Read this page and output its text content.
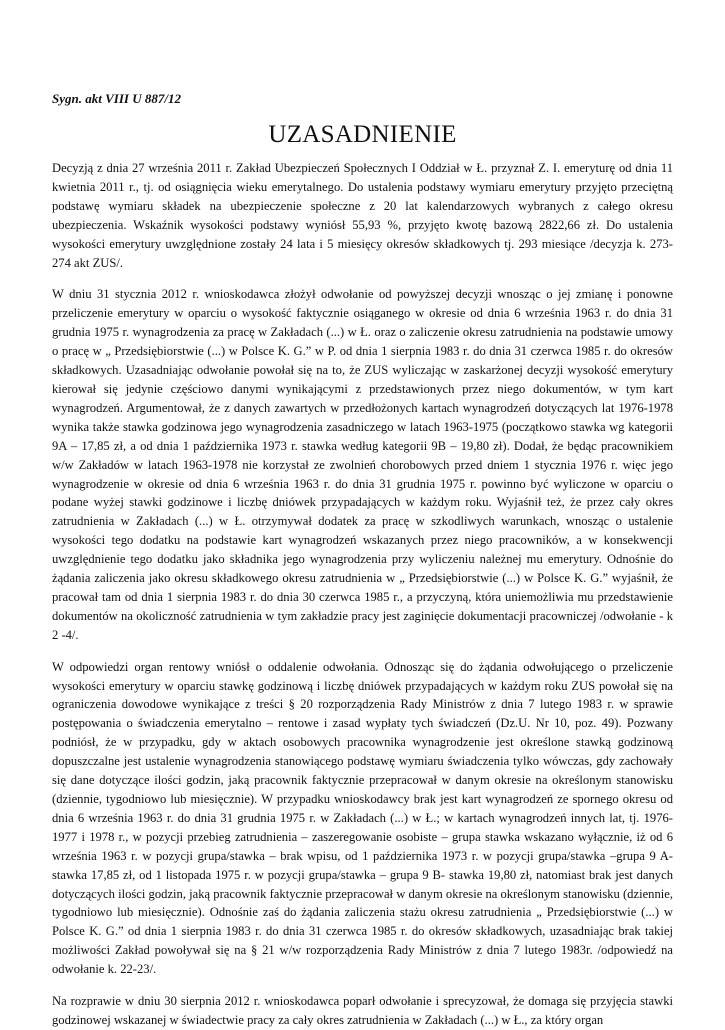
Sygn. akt VIII U 887/12

UZASADNIENIE

Decyzją z dnia 27 września 2011 r. Zakład Ubezpieczeń Społecznych I Oddział w Ł. przyznał Z. I. emeryturę od dnia 11 kwietnia 2011 r., tj. od osiągnięcia wieku emerytalnego. Do ustalenia podstawy wymiaru emerytury przyjęto przeciętną podstawę wymiaru składek na ubezpieczenie społeczne z 20 lat kalendarzowych wybranych z całego okresu ubezpieczenia. Wskaźnik wysokości podstawy wyniósł 55,93 %, przyjęto kwotę bazową 2822,66 zł. Do ustalenia wysokości emerytury uwzględnione zostały 24 lata i 5 miesięcy okresów składkowych tj. 293 miesiące /decyzja k. 273-274 akt ZUS/.

W dniu 31 stycznia 2012 r. wnioskodawca złożył odwołanie od powyższej decyzji wnosząc o jej zmianę i ponowne przeliczenie emerytury w oparciu o wysokość faktycznie osiąganego w okresie od dnia 6 września 1963 r. do dnia 31 grudnia 1975 r. wynagrodzenia za pracę w Zakładach (...) w Ł. oraz o zaliczenie okresu zatrudnienia na podstawie umowy o pracę w „ Przedsiębiorstwie (...) w Polsce K. G.” w P. od dnia 1 sierpnia 1983 r. do dnia 31 czerwca 1985 r. do okresów składkowych. Uzasadniając odwołanie powołał się na to, że ZUS wyliczając w zaskarżonej decyzji wysokość emerytury kierował się jedynie częściowo danymi wynikającymi z przedstawionych przez niego dokumentów, w tym kart wynagrodzeń. Argumentował, że z danych zawartych w przedłożonych kartach wynagrodzeń dotyczących lat 1976-1978 wynika także stawka godzinowa jego wynagrodzenia zasadniczego w latach 1963-1975 (początkowo stawka wg kategorii 9A – 17,85 zł, a od dnia 1 października 1973 r. stawka według kategorii 9B – 19,80 zł). Dodał, że będąc pracownikiem w/w Zakładów w latach 1963-1978 nie korzystał ze zwolnień chorobowych przed dniem 1 stycznia 1976 r. więc jego wynagrodzenie w okresie od dnia 6 września 1963 r. do dnia 31 grudnia 1975 r. powinno być wyliczone w oparciu o podane wyżej stawki godzinowe i liczbę dniówek przypadających w każdym roku. Wyjaśnił też, że przez cały okres zatrudnienia w Zakładach (...) w Ł. otrzymywał dodatek za pracę w szkodliwych warunkach, wnosząc o ustalenie wysokości tego dodatku na podstawie kart wynagrodzeń wskazanych przez niego pracowników, a w konsekwencji uwzględnienie tego dodatku jako składnika jego wynagrodzenia przy wyliczeniu należnej mu emerytury. Odnośnie do żądania zaliczenia jako okresu składkowego okresu zatrudnienia w „ Przedsiębiorstwie (...) w Polsce K. G.” wyjaśnił, że pracował tam od dnia 1 sierpnia 1983 r. do dnia 30 czerwca 1985 r., a przyczyną, która uniemożliwia mu przedstawienie dokumentów na okoliczność zatrudnienia w tym zakładzie pracy jest zaginięcie dokumentacji pracowniczej /odwołanie - k 2 -4/.

W odpowiedzi organ rentowy wniósł o oddalenie odwołania. Odnosząc się do żądania odwołującego o przeliczenie wysokości emerytury w oparciu stawkę godzinową i liczbę dniówek przypadających w każdym roku ZUS powołał się na ograniczenia dowodowe wynikające z treści § 20 rozporządzenia Rady Ministrów z dnia 7 lutego 1983 r. w sprawie postępowania o świadczenia emerytalno – rentowe i zasad wypłaty tych świadczeń (Dz.U. Nr 10, poz. 49). Pozwany podniósł, że w przypadku, gdy w aktach osobowych pracownika wynagrodzenie jest określone stawką godzinową dopuszczalne jest ustalenie wynagrodzenia stanowiącego podstawę wymiaru świadczenia tylko wówczas, gdy zachowały się dane dotyczące ilości godzin, jaką pracownik faktycznie przepracował w danym okresie na określonym stanowisku (dziennie, tygodniowo lub miesięcznie). W przypadku wnioskodawcy brak jest kart wynagrodzeń ze spornego okresu od dnia 6 września 1963 r. do dnia 31 grudnia 1975 r. w Zakładach (...) w Ł.; w kartach wynagrodzeń innych lat, tj. 1976-1977 i 1978 r., w pozycji przebieg zatrudnienia – zaszeregowanie osobiste – grupa stawka wskazano wyłącznie, iż od 6 września 1963 r. w pozycji grupa/stawka – brak wpisu, od 1 października 1973 r. w pozycji grupa/stawka –grupa 9 A- stawka 17,85 zł, od 1 listopada 1975 r. w pozycji grupa/stawka – grupa 9 B- stawka 19,80 zł, natomiast brak jest danych dotyczących ilości godzin, jaką pracownik faktycznie przepracował w danym okresie na określonym stanowisku (dziennie, tygodniowo lub miesięcznie). Odnośnie zaś do żądania zaliczenia stażu okresu zatrudnienia „ Przedsiębiorstwie (...) w Polsce K. G.” od dnia 1 sierpnia 1983 r. do dnia 31 czerwca 1985 r. do okresów składkowych, uzasadniając brak takiej możliwości Zakład powoływał się na § 21 w/w rozporządzenia Rady Ministrów z dnia 7 lutego 1983r. /odpowiedź na odwołanie k. 22-23/.

Na rozprawie w dniu 30 sierpnia 2012 r. wnioskodawca poparł odwołanie i sprecyzował, że domaga się przyjęcia stawki godzinowej wskazanej w świadectwie pracy za cały okres zatrudnienia w Zakładach (...) w Ł., za który organ
